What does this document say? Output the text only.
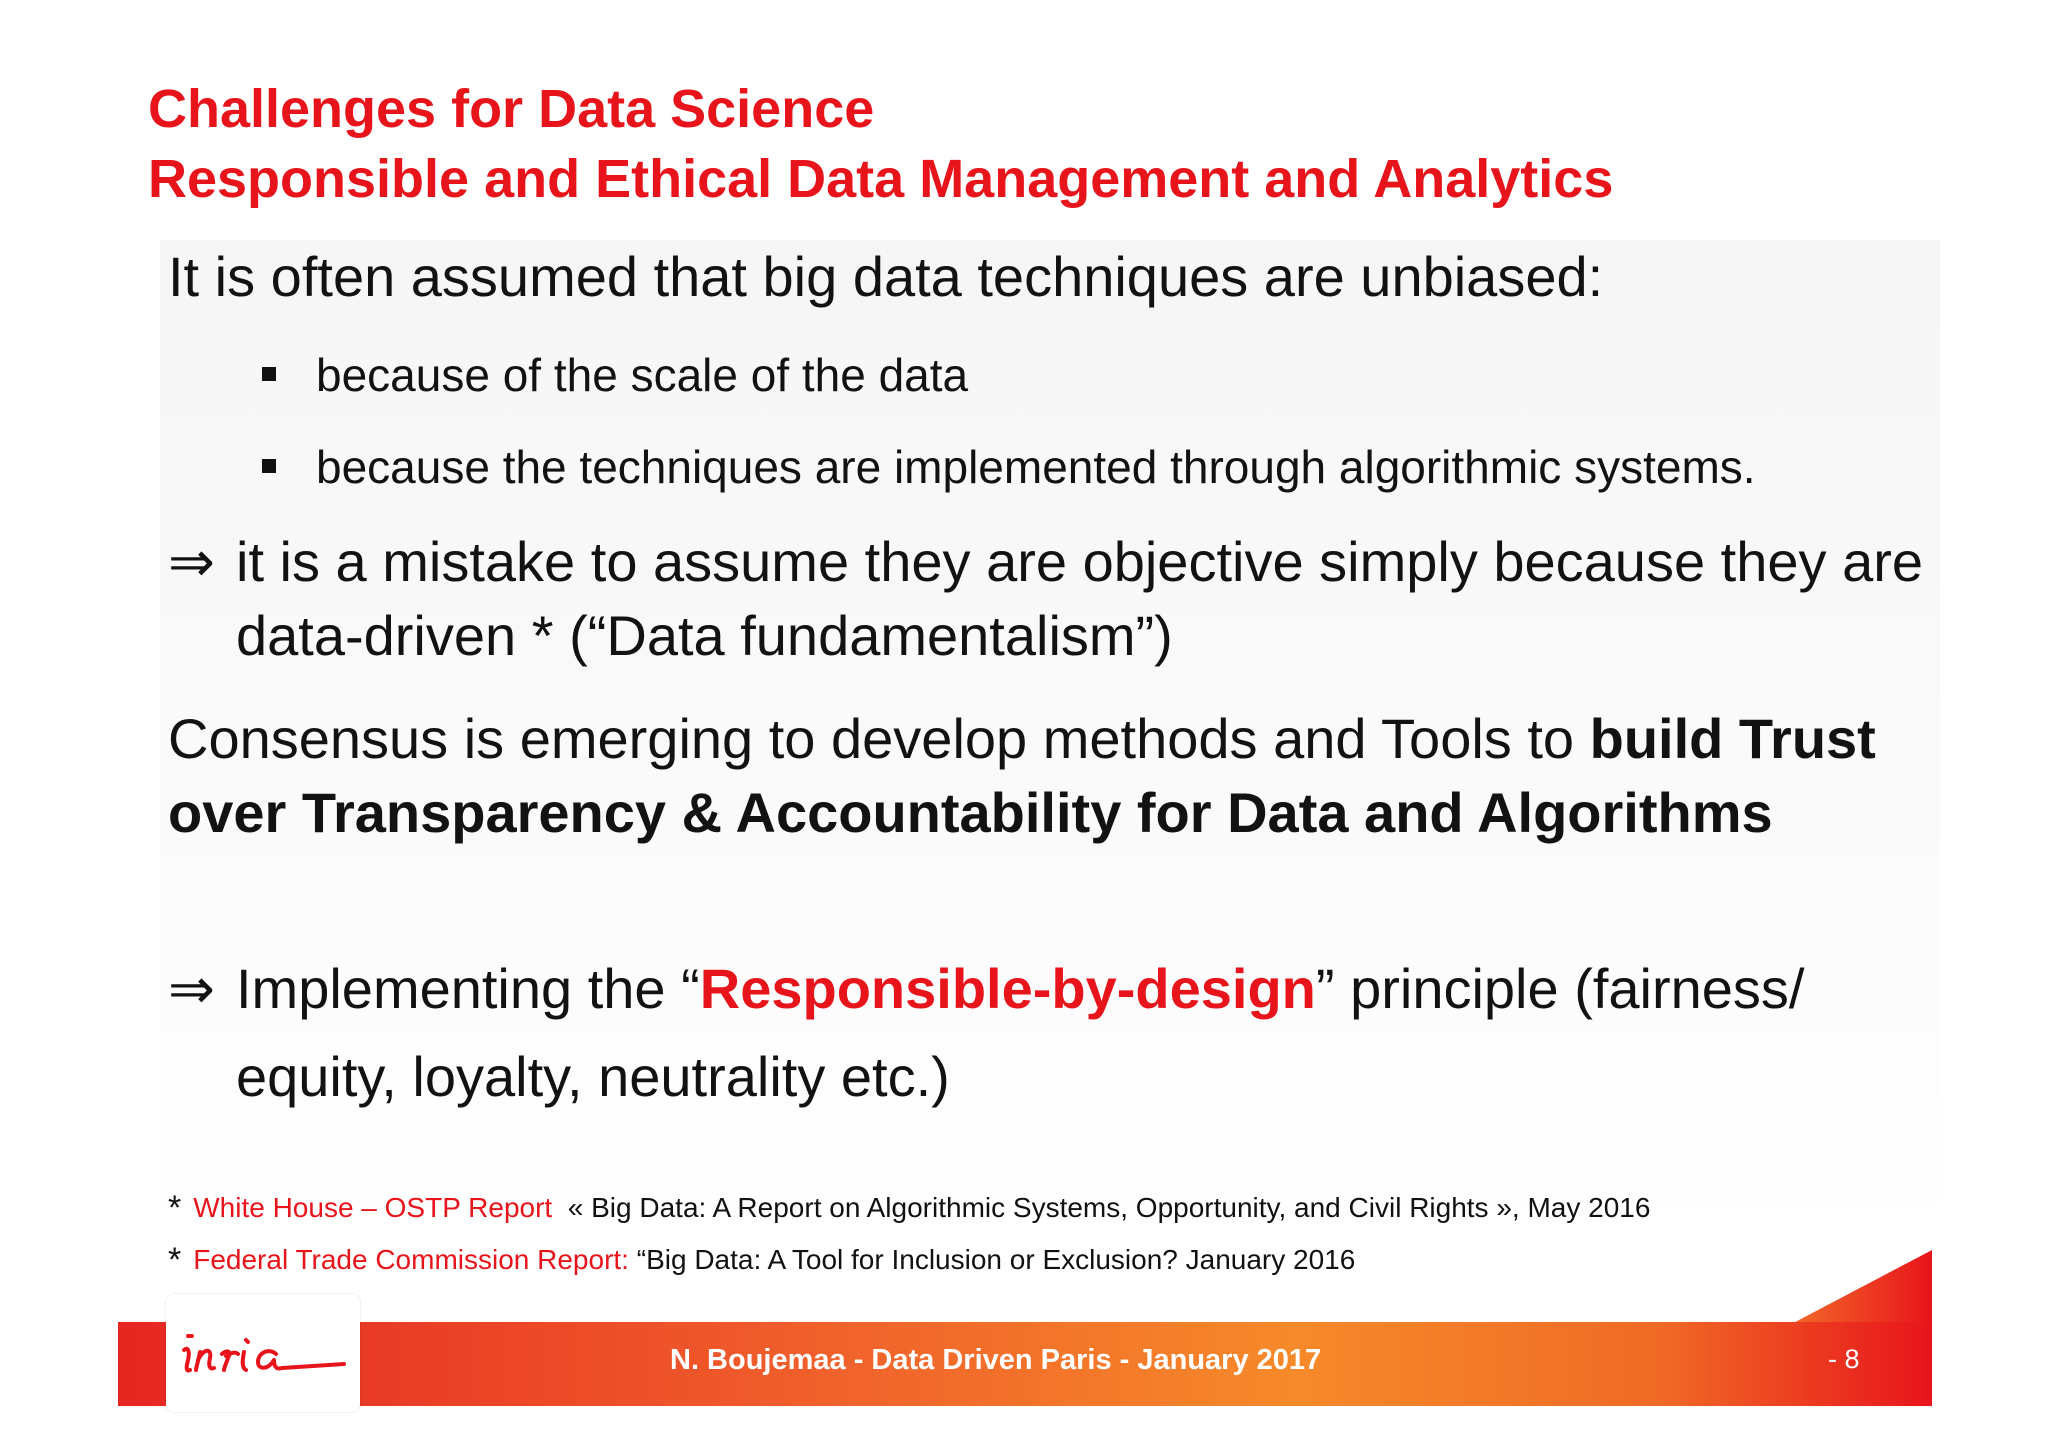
Challenges for Data Science
Responsible and Ethical Data Management and Analytics

It is often assumed that big data techniques are unbiased:

because of the scale of the data
because the techniques are implemented through algorithmic systems.
⇒ it is a mistake to assume they are objective simply because they are data-driven * (“Data fundamentalism”)

Consensus is emerging to develop methods and Tools to build Trust over Transparency & Accountability for Data and Algorithms

⇒ Implementing the “Responsible-by-design” principle (fairness/ equity, loyalty, neutrality etc.)
* White House – OSTP Report « Big Data: A Report on Algorithmic Systems, Opportunity, and Civil Rights », May 2016
* Federal Trade Commission Report: “Big Data: A Tool for Inclusion or Exclusion? January 2016
N. Boujemaa - Data Driven Paris - January 2017	- 8
